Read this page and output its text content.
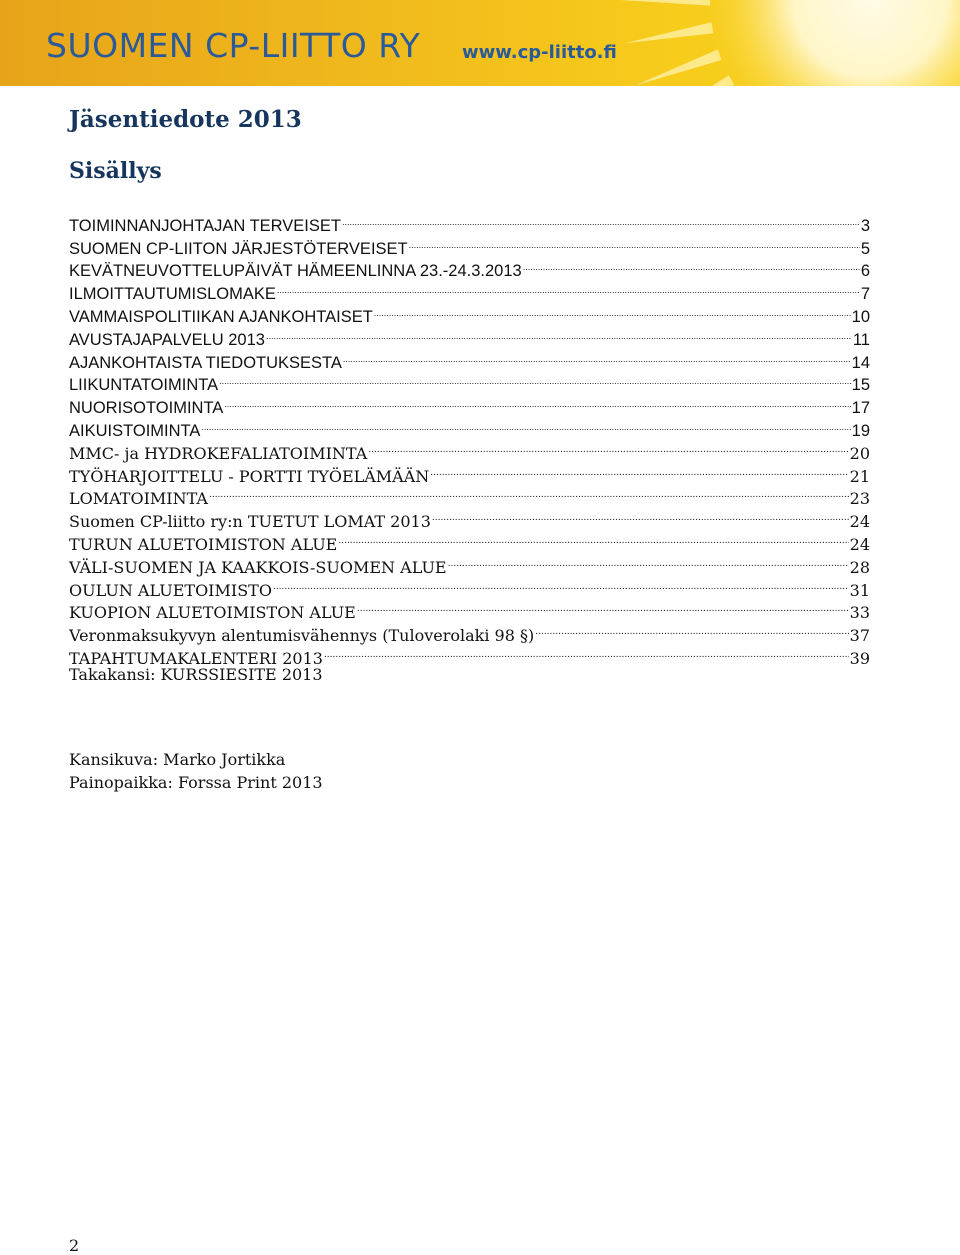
SUOMEN CP-LIITTO RY www.cp-liitto.fi
Jäsentiedote 2013
Sisällys
TOIMINNANJOHTAJAN TERVEISET .....	3
SUOMEN CP-LIITON JÄRJESTÖTERVEISET .....	5
KEVÄTNEUVOTTELUPÄIVÄT HÄMEENLINNA 23.-24.3.2013 .....	6
ILMOITTAUTUMISLOMAKE .....	7
VAMMAISPOLITIIKAN AJANKOHTAISET .....	10
AVUSTAJAPALVELU 2013 .....	11
AJANKOHTAISTA TIEDOTUKSESTA .....	14
LIIKUNTATOIMINTA .....	15
NUORISOTOIMINTA .....	17
AIKUISTOIMINTA .....	19
MMC- ja HYDROKEFALIATOIMINTA .....	20
TYÖHARJOITTELU - PORTTI TYÖELÄMÄÄN .....	21
LOMATOIMINTA .....	23
Suomen CP-liitto ry:n TUETUT LOMAT 2013 .....	24
TURUN ALUETOIMISTON ALUE .....	24
VÄLI-SUOMEN JA KAAKKOIS-SUOMEN ALUE .....	28
OULUN ALUETOIMISTO .....	31
KUOPION ALUETOIMISTON ALUE .....	33
Veronmaksukyvyn alentumisvähennys (Tuloverolaki 98 §) .....	37
TAPAHTUMAKALENTERI 2013 .....	39
Takakansi: KURSSIESITE 2013
Kansikuva: Marko Jortikka
Painopaikka: Forssa Print 2013
2
